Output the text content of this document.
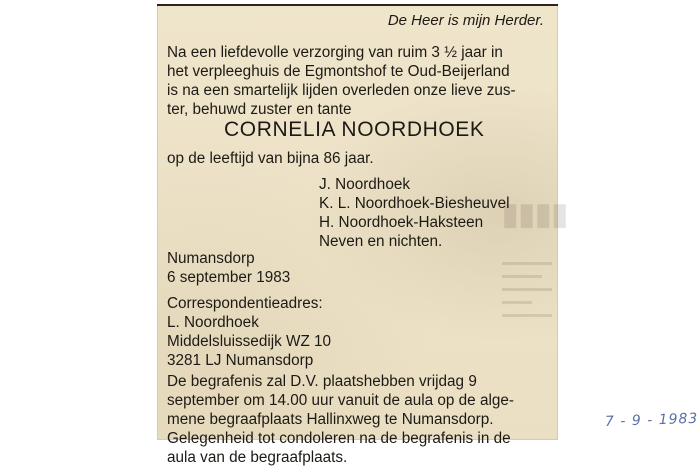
De Heer is mijn Herder.

Na een liefdevolle verzorging van ruim 3 ½ jaar in

het verpleeghuis de Egmontshof te Oud-Beijerland

is na een smartelijk lijden overleden onze lieve zus-

ter, behuwd zuster en tante

CORNELIA NOORDHOEK

op de leeftijd van bijna 86 jaar.

J. Noordhoek

K. L. Noordhoek-Biesheuvel

H. Noordhoek-Haksteen

Neven en nichten.

Numansdorp

6 september 1983

Correspondentieadres:

L. Noordhoek

Middelsluissedijk WZ 10

3281 LJ Numansdorp

De begrafenis zal D.V. plaatshebben vrijdag 9

september om 14.00 uur vanuit de aula op de alge-

mene begraafplaats Hallinxweg te Numansdorp.

Gelegenheid tot condoleren na de begrafenis in de

aula van de begraafplaats.

▮▮▮▮
▬▬▬▬▬
▬▬▬▬
▬▬▬▬▬
▬▬▬
▬▬▬▬▬
7 - 9 - 1983
